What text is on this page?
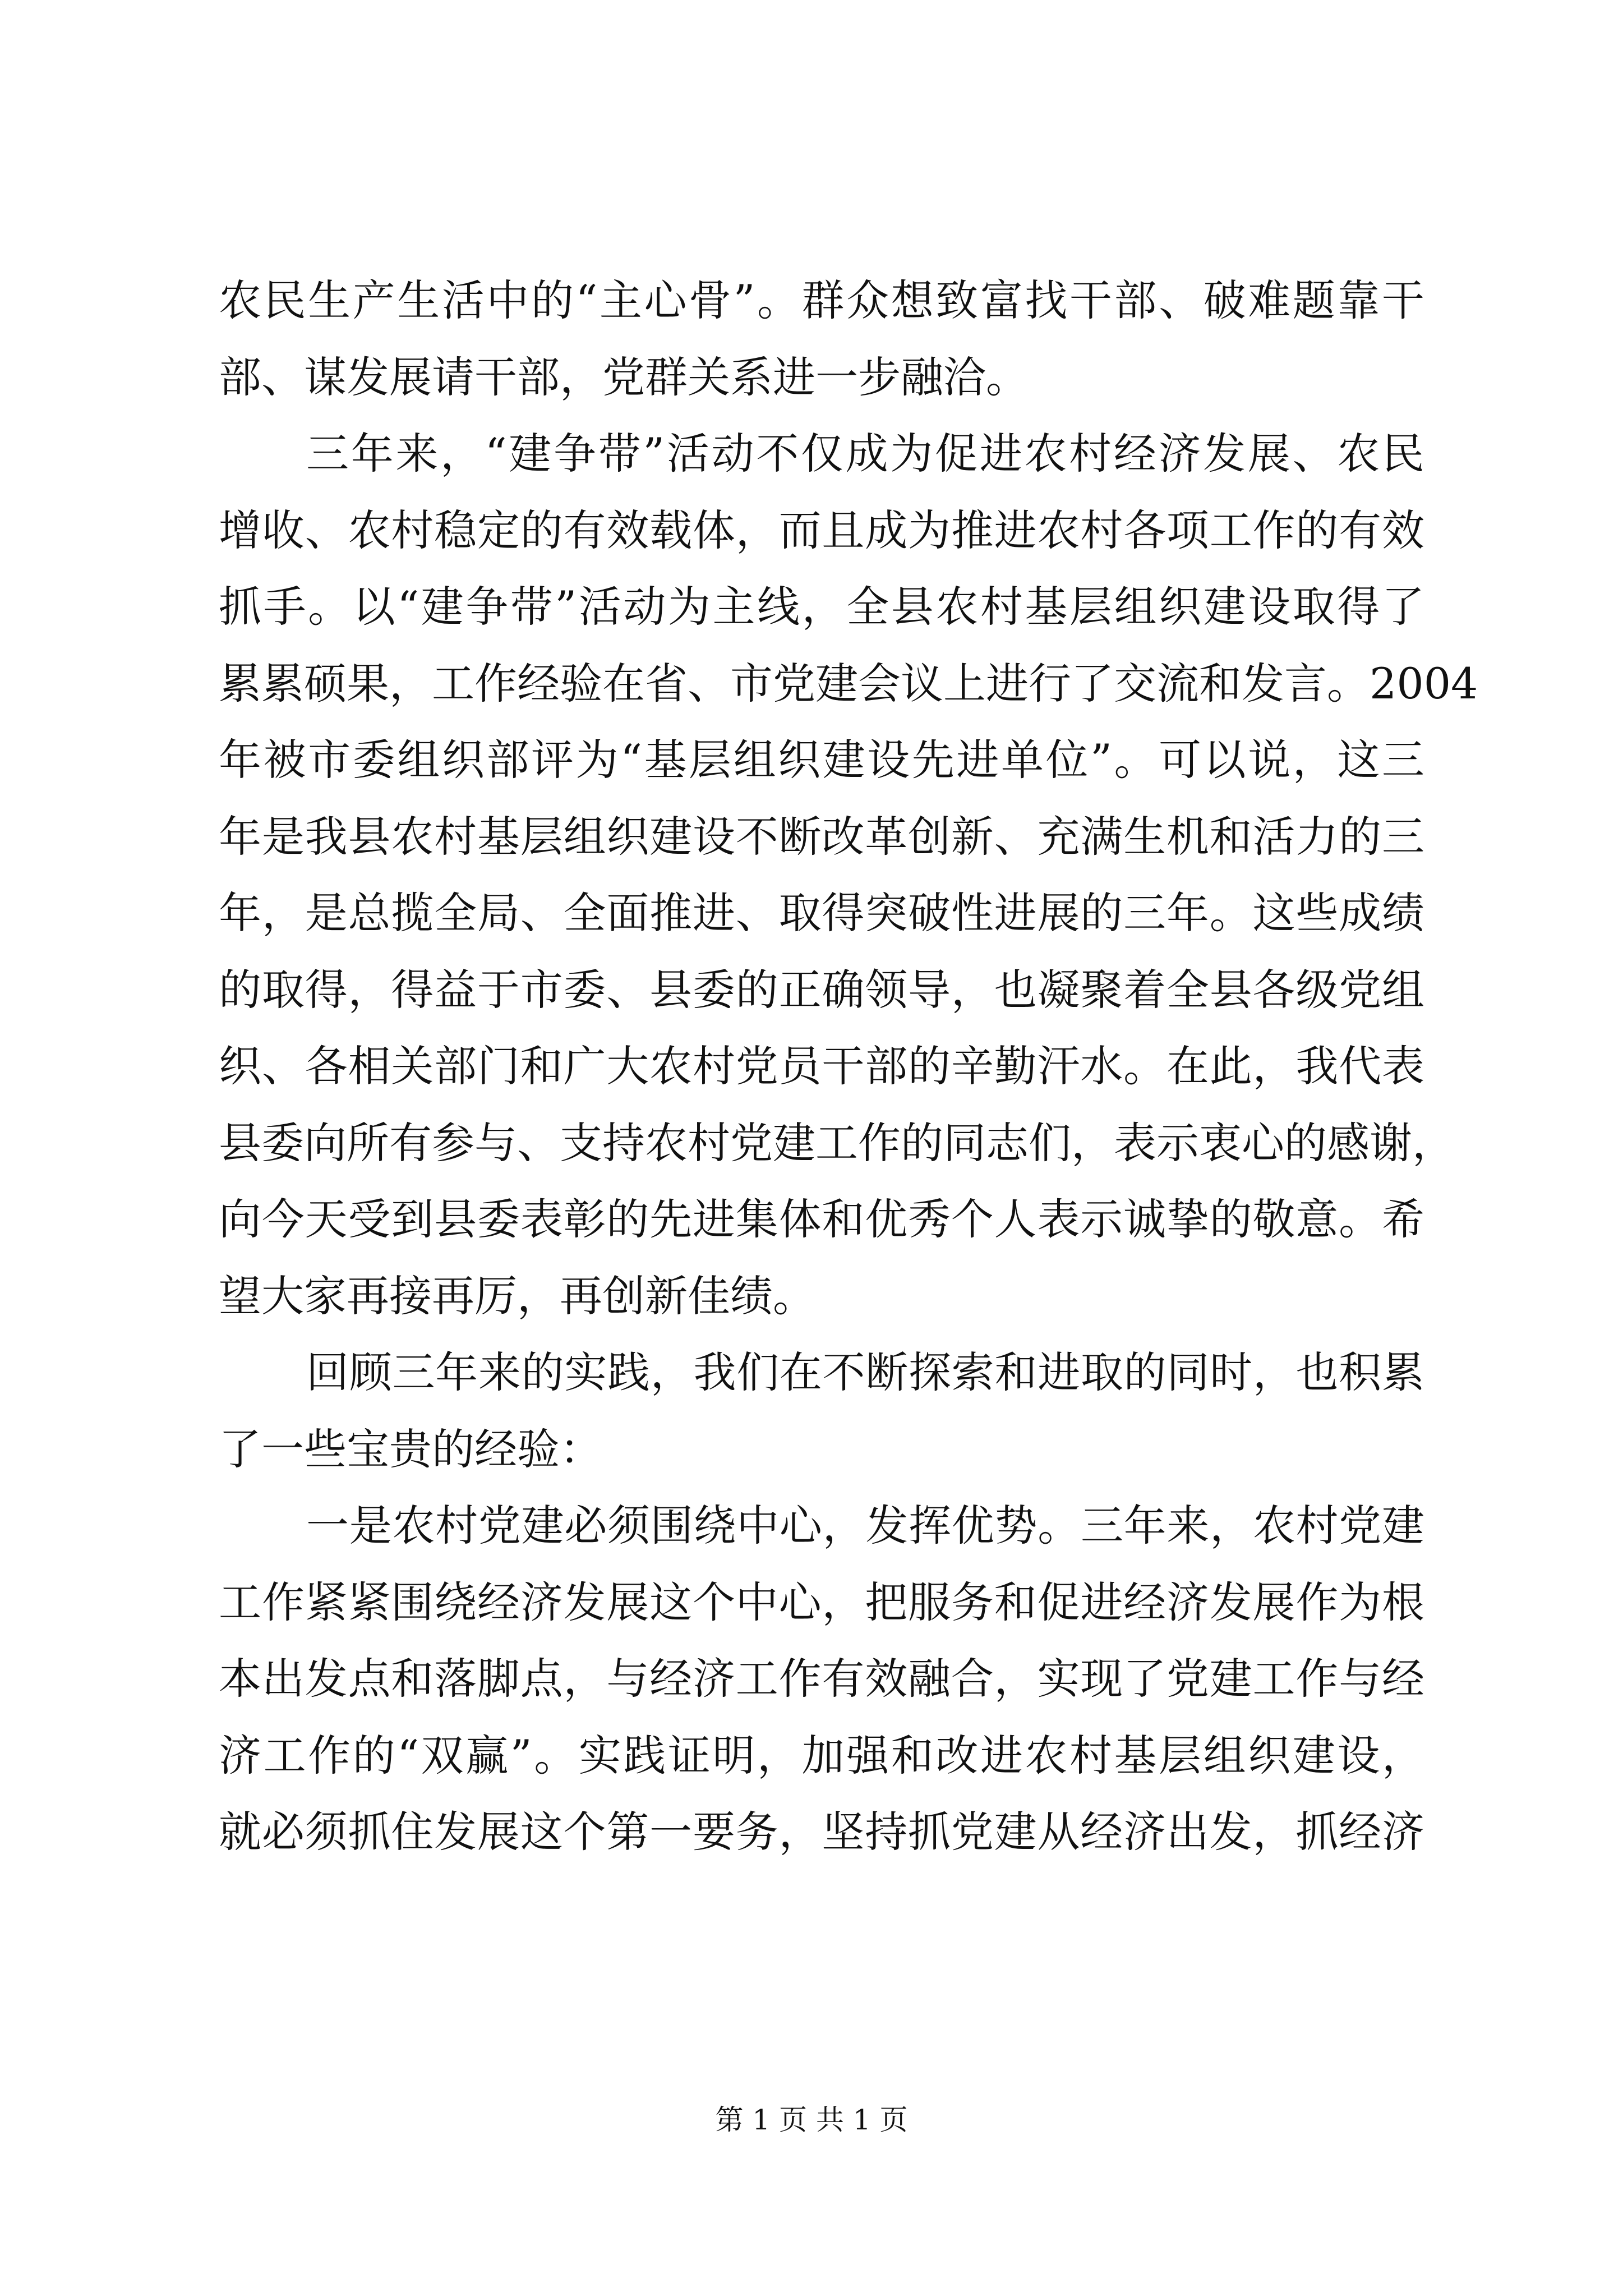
农 民 生 产 生 活 中 的 “ 主 心 骨 ” 。 群 众 想 致 富 找 干 部 、 破 难 题 靠 干
部 、 谋 发 展 请 干 部 ， 党 群 关 系 进 一 步 融 洽 。
三 年 来 ， “ 建 争 带 ” 活 动 不 仅 成 为 促 进 农 村 经 济 发 展 、 农 民
增 收 、 农 村 稳 定 的 有 效 载 体 ， 而 且 成 为 推 进 农 村 各 项 工 作 的 有 效
抓 手 。 以 “ 建 争 带 ” 活 动 为 主 线 ， 全 县 农 村 基 层 组 织 建 设 取 得 了
累 累 硕 果 ， 工 作 经 验 在 省 、 市 党 建 会 议 上 进 行 了 交 流 和 发 言 。 2004
年 被 市 委 组 织 部 评 为 “ 基 层 组 织 建 设 先 进 单 位 ” 。 可 以 说 ， 这 三
年 是 我 县 农 村 基 层 组 织 建 设 不 断 改 革 创 新 、 充 满 生 机 和 活 力 的 三
年 ， 是 总 揽 全 局 、 全 面 推 进 、 取 得 突 破 性 进 展 的 三 年 。 这 些 成 绩
的 取 得 ， 得 益 于 市 委 、 县 委 的 正 确 领 导 ， 也 凝 聚 着 全 县 各 级 党 组
织 、 各 相 关 部 门 和 广 大 农 村 党 员 干 部 的 辛 勤 汗 水 。 在 此 ， 我 代 表
县 委 向 所 有 参 与 、 支 持 农 村 党 建 工 作 的 同 志 们 ， 表 示 衷 心 的 感 谢 ，
向 今 天 受 到 县 委 表 彰 的 先 进 集 体 和 优 秀 个 人 表 示 诚 挚 的 敬 意 。 希
望 大 家 再 接 再 厉 ， 再 创 新 佳 绩 。
回 顾 三 年 来 的 实 践 ， 我 们 在 不 断 探 索 和 进 取 的 同 时 ， 也 积 累
了 一 些 宝 贵 的 经 验 ：
一 是 农 村 党 建 必 须 围 绕 中 心 ， 发 挥 优 势 。 三 年 来 ， 农 村 党 建
工 作 紧 紧 围 绕 经 济 发 展 这 个 中 心 ， 把 服 务 和 促 进 经 济 发 展 作 为 根
本 出 发 点 和 落 脚 点 ， 与 经 济 工 作 有 效 融 合 ， 实 现 了 党 建 工 作 与 经
济 工 作 的 “ 双 赢 ” 。 实 践 证 明 ， 加 强 和 改 进 农 村 基 层 组 织 建 设 ，
就 必 须 抓 住 发 展 这 个 第 一 要 务 ， 坚 持 抓 党 建 从 经 济 出 发 ， 抓 经 济
第 1 页 共 1 页
